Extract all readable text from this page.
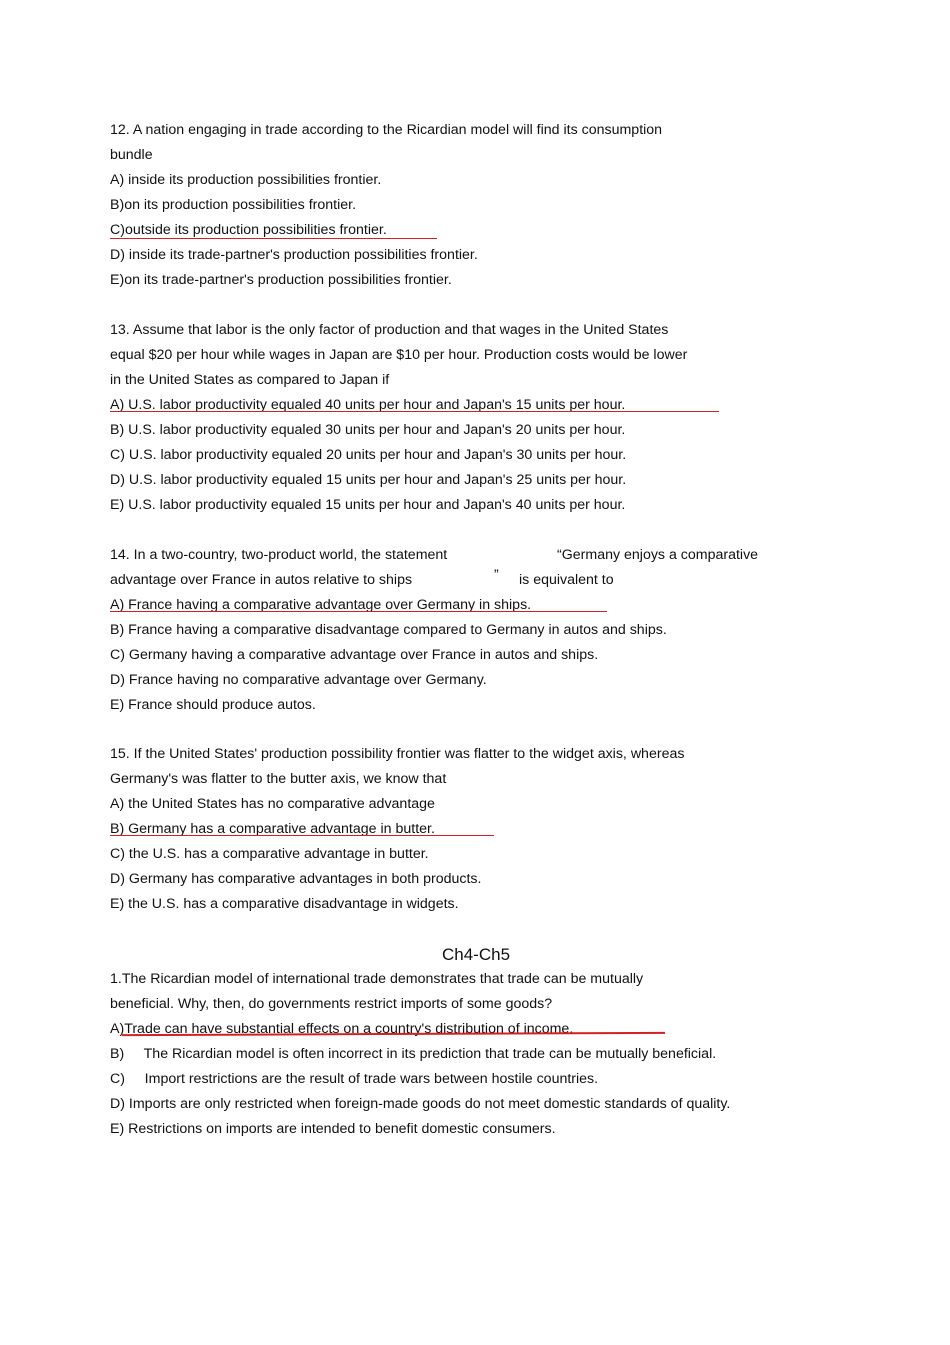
12. A nation engaging in trade according to the Ricardian model will find its consumption
bundle
A) inside its production possibilities frontier.
B)on its production possibilities frontier.
C)outside its production possibilities frontier.
D) inside its trade-partner's production possibilities frontier.
E)on its trade-partner's production possibilities frontier.
13. Assume that labor is the only factor of production and that wages in the United States
equal $20 per hour while wages in Japan are $10 per hour. Production costs would be lower
in the United States as compared to Japan if
A) U.S. labor productivity equaled 40 units per hour and Japan's 15 units per hour.
B) U.S. labor productivity equaled 30 units per hour and Japan's 20 units per hour.
C) U.S. labor productivity equaled 20 units per hour and Japan's 30 units per hour.
D) U.S. labor productivity equaled 15 units per hour and Japan's 25 units per hour.
E) U.S. labor productivity equaled 15 units per hour and Japan's 40 units per hour.
14. In a two-country, two-product world, the statement	“Germany enjoys a comparative
advantage over France in autos relative to ships	” is equivalent to
A) France having a comparative advantage over Germany in ships.
B) France having a comparative disadvantage compared to Germany in autos and ships.
C) Germany having a comparative advantage over France in autos and ships.
D) France having no comparative advantage over Germany.
E) France should produce autos.
15. If the United States' production possibility frontier was flatter to the widget axis, whereas
Germany's was flatter to the butter axis, we know that
A) the United States has no comparative advantage
B) Germany has a comparative advantage in butter.
C) the U.S. has a comparative advantage in butter.
D) Germany has comparative advantages in both products.
E) the U.S. has a comparative disadvantage in widgets.
Ch4-Ch5
1.The Ricardian model of international trade demonstrates that trade can be mutually
beneficial. Why, then, do governments restrict imports of some goods?
A)Trade can have substantial effects on a country's distribution of income.
B)     The Ricardian model is often incorrect in its prediction that trade can be mutually beneficial.
C)     Import restrictions are the result of trade wars between hostile countries.
D) Imports are only restricted when foreign-made goods do not meet domestic standards of quality.
E) Restrictions on imports are intended to benefit domestic consumers.
